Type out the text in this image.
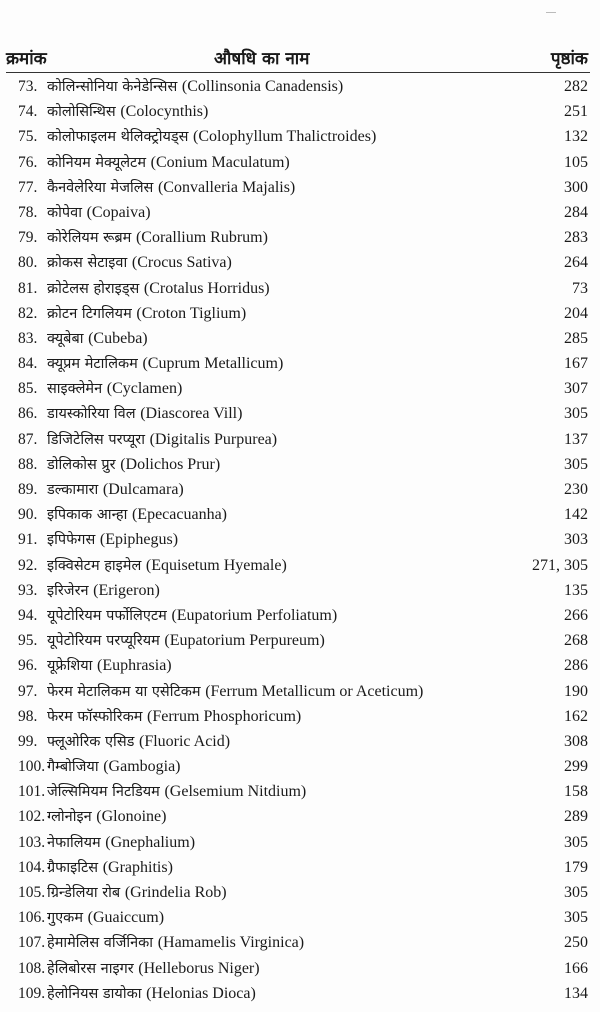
क्रमांक	औषधि का नाम	पृष्ठांक
73. कोलिन्सोनिया केनेडेन्सिस (Collinsonia Canadensis)	282
74. कोलोसिन्थिस (Colocynthis)	251
75. कोलोफाइलम थेलिक्ट्रोयड्स (Colophyllum Thalictroides)	132
76. कोनियम मेक्यूलेटम (Conium Maculatum)	105
77. कैनवेलेरिया मेजलिस (Convalleria Majalis)	300
78. कोपेवा (Copaiva)	284
79. कोरेलियम रूब्रम (Corallium Rubrum)	283
80. क्रोकस सेटाइवा (Crocus Sativa)	264
81. क्रोटेलस होराइड्स (Crotalus Horridus)	73
82. क्रोटन टिगलियम (Croton Tiglium)	204
83. क्यूबेबा (Cubeba)	285
84. क्यूप्रम मेटालिकम (Cuprum Metallicum)	167
85. साइक्लेमेन (Cyclamen)	307
86. डायस्कोरिया विल (Diascorea Vill)	305
87. डिजिटेलिस परप्यूरा (Digitalis Purpurea)	137
88. डोलिकोस प्रुर (Dolichos Prur)	305
89. डल्कामारा (Dulcamara)	230
90. इपिकाक आन्हा (Epecacuanha)	142
91. इपिफेगस (Epiphegus)	303
92. इक्विसेटम हाइमेल (Equisetum Hyemale)	271, 305
93. इरिजेरन (Erigeron)	135
94. यूपेटोरियम पर्फोलिएटम (Eupatorium Perfoliatum)	266
95. यूपेटोरियम परप्यूरियम (Eupatorium Perpureum)	268
96. यूफ्रेशिया (Euphrasia)	286
97. फेरम मेटालिकम या एसेटिकम (Ferrum Metallicum or Aceticum)	190
98. फेरम फॉस्फोरिकम (Ferrum Phosphoricum)	162
99. फ्लूओरिक एसिड (Fluoric Acid)	308
100. गैम्बोजिया (Gambogia)	299
101. जेल्सिमियम निटडियम (Gelsemium Nitdium)	158
102. ग्लोनोइन (Glonoine)	289
103. नेफालियम (Gnephalium)	305
104. ग्रैफाइटिस (Graphitis)	179
105. ग्रिन्डेलिया रोब (Grindelia Rob)	305
106. गुएकम (Guaiccum)	305
107. हेमामेलिस वर्जिनिका (Hamamelis Virginica)	250
108. हेलिबोरस नाइगर (Helleborus Niger)	166
109. हेलोनियस डायोका (Helonias Dioca)	134
